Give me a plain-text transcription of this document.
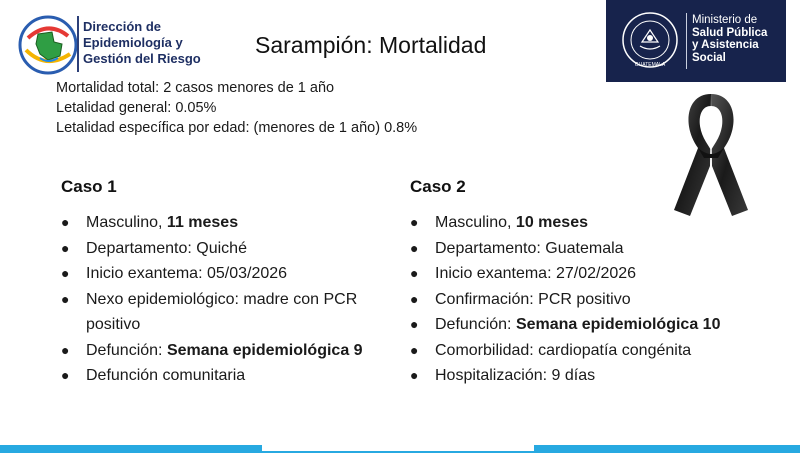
Dirección de
Epidemiología y
Gestión del Riesgo
Sarampión: Mortalidad
GUATEMALA
Ministerio de
Salud Pública
y Asistencia
Social
Mortalidad total: 2 casos menores de 1 año
Letalidad general: 0.05%
Letalidad específica por edad: (menores de 1 año) 0.8%
Caso 1
● Masculino, 11 meses
● Departamento: Quiché
● Inicio exantema: 05/03/2026
● Nexo epidemiológico: madre con PCR positivo
● Defunción: Semana epidemiológica 9
● Defunción comunitaria
Caso 2
● Masculino, 10 meses
● Departamento: Guatemala
● Inicio exantema: 27/02/2026
● Confirmación: PCR positivo
● Defunción: Semana epidemiológica 10
● Comorbilidad: cardiopatía congénita
● Hospitalización: 9 días
